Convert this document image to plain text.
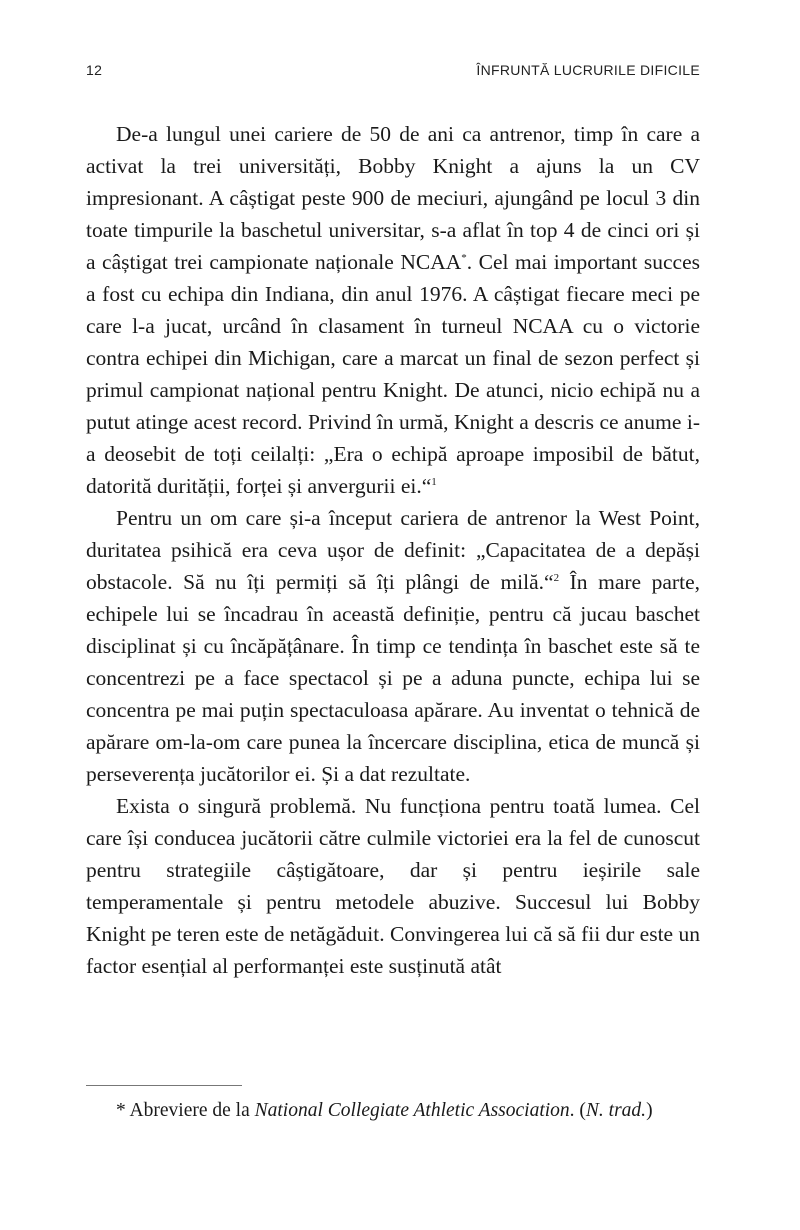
12	ÎNFRUNTĂ LUCRURILE DIFICILE

De-a lungul unei cariere de 50 de ani ca antrenor, timp în care a activat la trei universități, Bobby Knight a ajuns la un CV impresionant. A câștigat peste 900 de meciuri, ajungând pe locul 3 din toate timpurile la baschetul universitar, s-a aflat în top 4 de cinci ori și a câștigat trei campionate naționale NCAA*. Cel mai important succes a fost cu echipa din Indiana, din anul 1976. A câștigat fiecare meci pe care l-a jucat, urcând în clasament în turneul NCAA cu o victorie contra echipei din Michigan, care a marcat un final de sezon perfect și primul campionat național pentru Knight. De atunci, nicio echipă nu a putut atinge acest record. Privind în urmă, Knight a descris ce anume i-a deosebit de toți ceilalți: „Era o echipă aproape imposibil de bătut, datorită durității, forței și anvergurii ei.“$^1$

Pentru un om care și-a început cariera de antrenor la West Point, duritatea psihică era ceva ușor de definit: „Capacitatea de a depăși obstacole. Să nu îți permiți să îți plângi de milă.“$^2$ În mare parte, echipele lui se încadrau în această definiție, pentru că jucau baschet disciplinat și cu încăpățânare. În timp ce tendința în baschet este să te concentrezi pe a face spectacol și pe a aduna puncte, echipa lui se concentra pe mai puțin spectaculoasa apărare. Au inventat o tehnică de apărare om-la-om care punea la încercare disciplina, etica de muncă și perseverența jucătorilor ei. Și a dat rezultate.

Exista o singură problemă. Nu funcționa pentru toată lumea. Cel care își conducea jucătorii către culmile victoriei era la fel de cunoscut pentru strategiile câștigătoare, dar și pentru ieșirile sale temperamentale și pentru metodele abuzive. Succesul lui Bobby Knight pe teren este de netăgăduit. Convingerea lui că să fii dur este un factor esențial al performanței este susținută atât

* Abreviere de la National Collegiate Athletic Association. (N. trad.)
